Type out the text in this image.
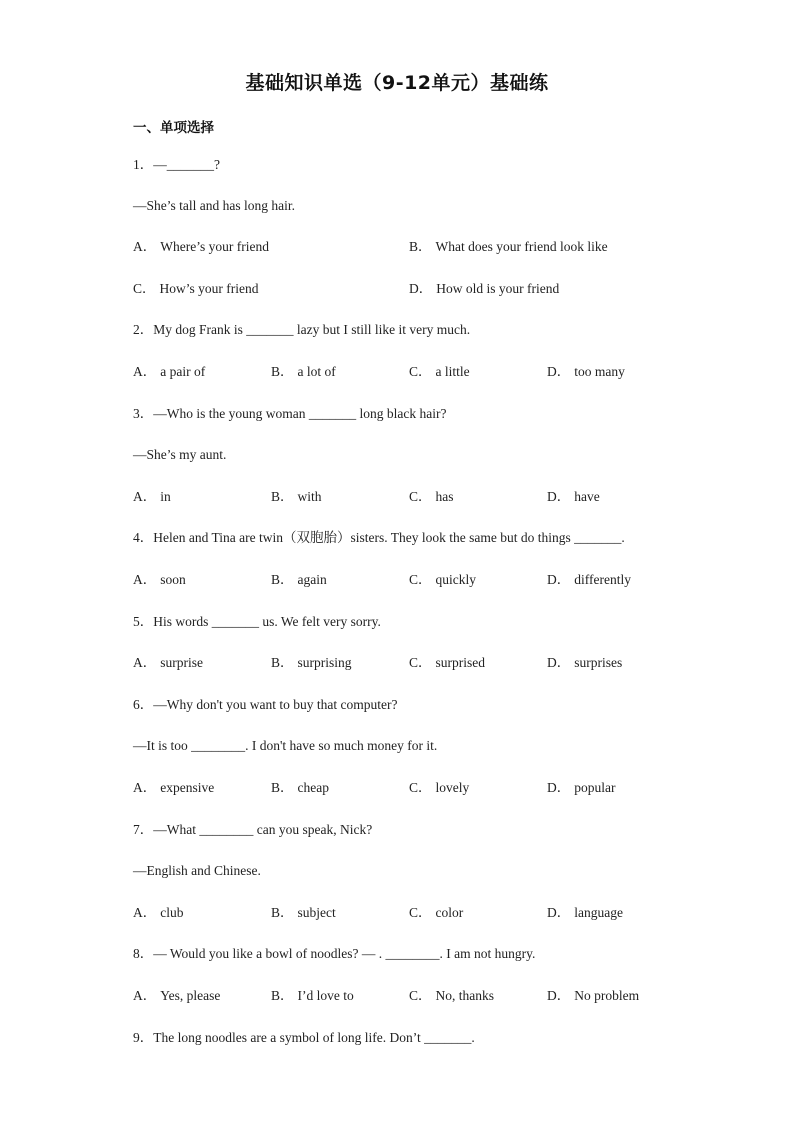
基础知识单选（9-12单元）基础练
一、单项选择
1．—_______?
—She’s tall and has long hair.
A． Where’s your friend	B． What does your friend look like
C． How’s your friend	D． How old is your friend
2．My dog Frank is _______ lazy but I still like it very much.
A． a pair of	B． a lot of	C． a little	D． too many
3．—Who is the young woman _______ long black hair?
—She’s my aunt.
A． in	B． with	C． has	D． have
4．Helen and Tina are twin（双胞胎）sisters. They look the same but do things _______.
A． soon	B． again	C． quickly	D． differently
5．His words _______ us. We felt very sorry.
A． surprise	B． surprising	C． surprised	D． surprises
6．—Why don't you want to buy that computer?
—It is too ________. I don't have so much money for it.
A． expensive	B． cheap	C． lovely	D． popular
7．—What ________ can you speak, Nick?
—English and Chinese.
A． club	B． subject	C． color	D． language
8．— Would you like a bowl of noodles? — . ________. I am not hungry.
A． Yes, please	B． I’d love to	C． No, thanks	D． No problem
9．The long noodles are a symbol of long life. Don’t _______.
